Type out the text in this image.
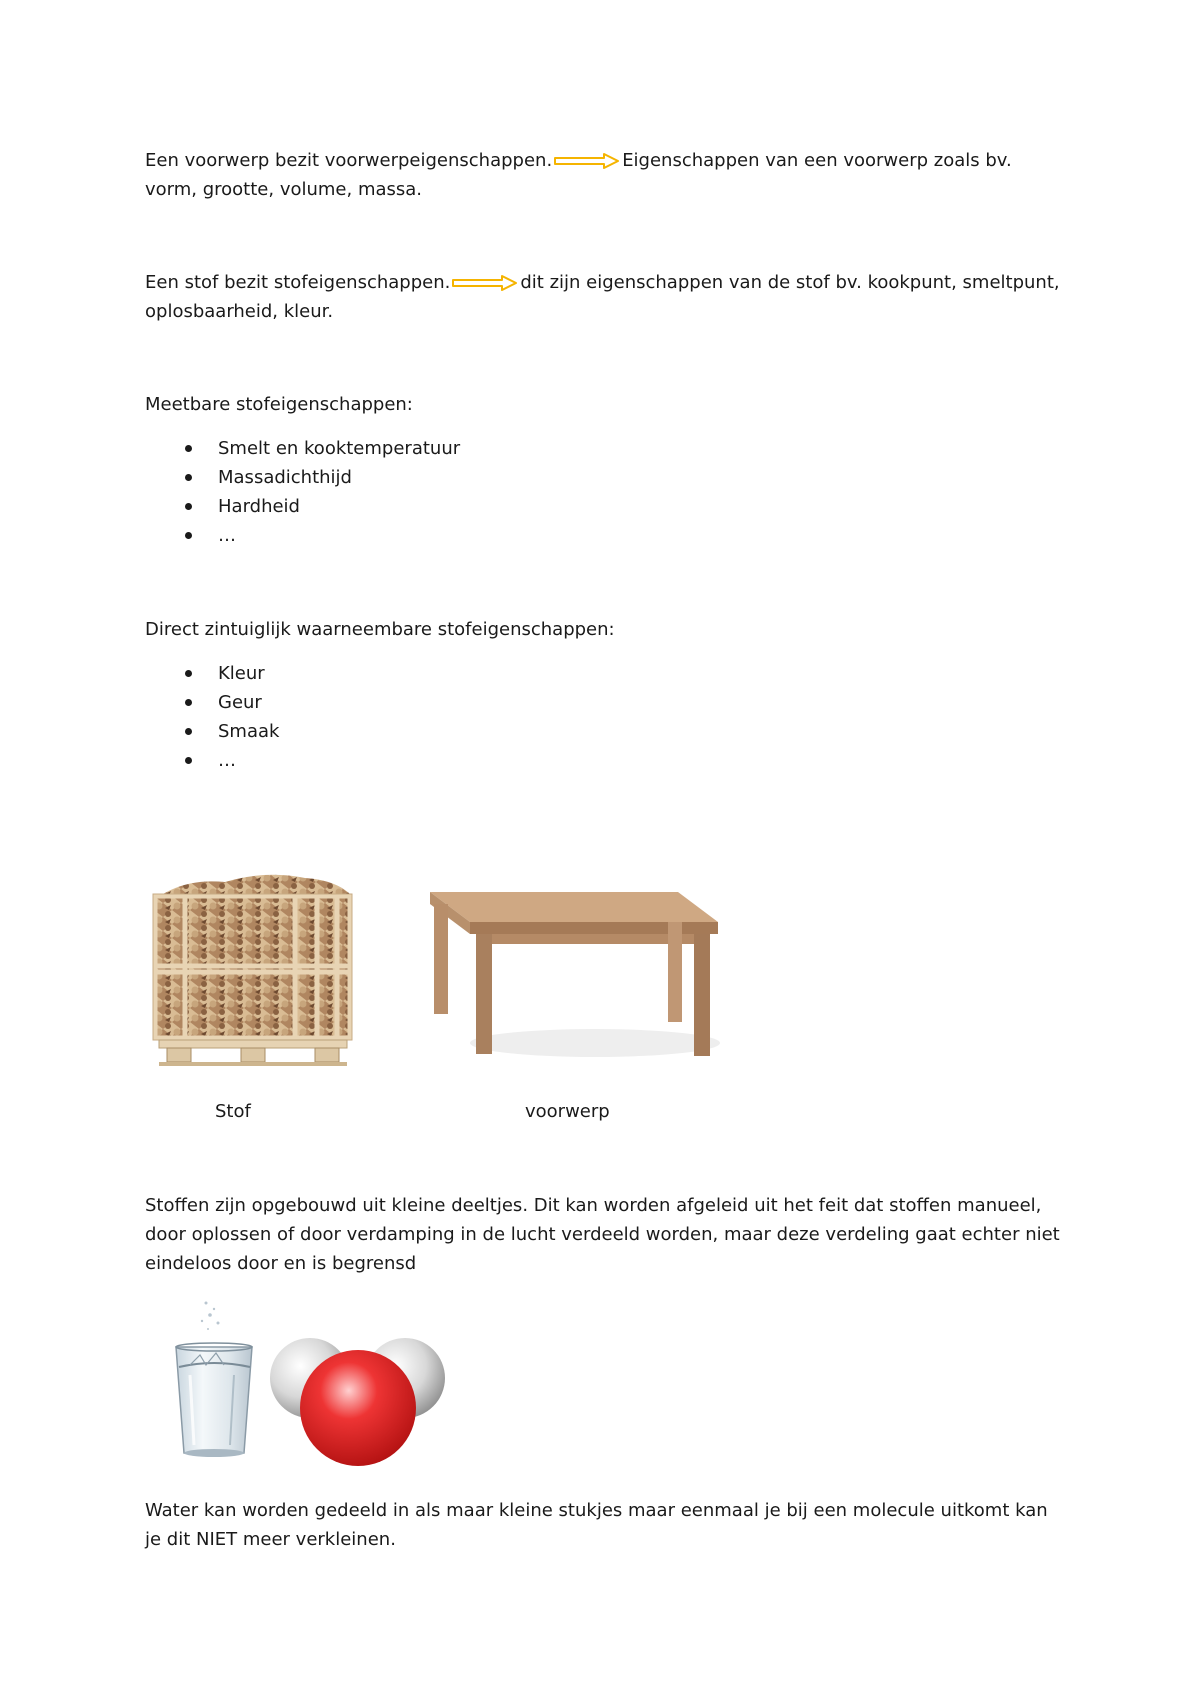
Een voorwerp bezit voorwerpeigenschappen.	Eigenschappen van een voorwerp zoals bv.
vorm, grootte, volume, massa.
Een stof bezit stofeigenschappen.	dit zijn eigenschappen van de stof bv. kookpunt, smeltpunt,
oplosbaarheid, kleur.
Meetbare stofeigenschappen:
Smelt en kooktemperatuur
Massadichthijd
Hardheid
…
Direct zintuiglijk waarneembare stofeigenschappen:
Kleur
Geur
Smaak
…
Stof	voorwerp
Stoffen zijn opgebouwd uit kleine deeltjes. Dit kan worden afgeleid uit het feit dat stoffen manueel,
door oplossen of door verdamping in de lucht verdeeld worden, maar deze verdeling gaat echter niet
eindeloos door en is begrensd
Water kan worden gedeeld in als maar kleine stukjes maar eenmaal je bij een molecule uitkomt kan
je dit NIET meer verkleinen.
